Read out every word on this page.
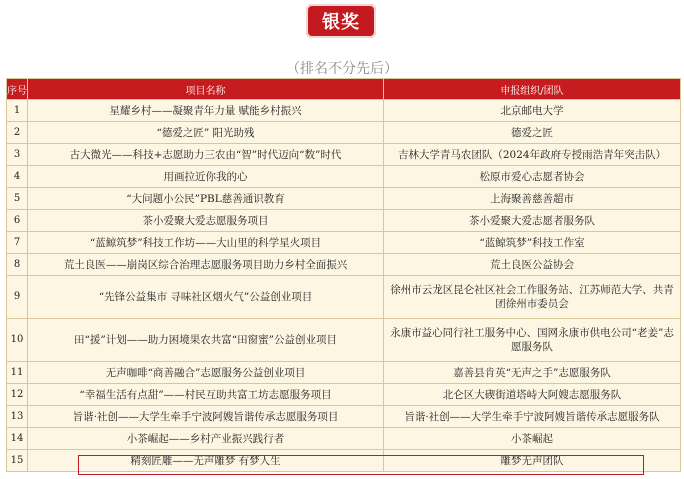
银奖
（排名不分先后）
序号	项目名称	申报组织/团队
1	星耀乡村——凝聚青年力量 赋能乡村振兴	北京邮电大学
2	“德爱之匠” 阳光助残	德爱之匠
3	古大微光——科技+志愿助力三农由“智”时代迈向“数”时代	吉林大学青马农团队（2024年政府专授雨浩青年突击队）
4	用画拉近你我的心	松原市爱心志愿者协会
5	“大问题小公民”PBL慈善通识教育	上海聚善慈善超市
6	茶小爱聚大爱志愿服务项目	茶小爱聚大爱志愿者服务队
7	“蓝鲸筑梦”科技工作坊——大山里的科学星火项目	“蓝鲸筑梦”科技工作室
8	荒土良医——崩岗区综合治理志愿服务项目助力乡村全面振兴	荒土良医公益协会
9	“先锋公益集市 寻味社区烟火气”公益创业项目	徐州市云龙区昆仑社区社会工作服务站、江苏师范大学、共青团徐州市委员会
10	田“援”计划——助力困境果农共富“田窗蜜”公益创业项目	永康市益心同行社工服务中心、国网永康市供电公司“老姜”志愿服务队
11	无声咖啡“商善融合”志愿服务公益创业项目	嘉善县肯英“无声之手”志愿服务队
12	“幸福生活有点甜”——村民互助共富工坊志愿服务项目	北仑区大碶街道塔峙大阿嫂志愿服务队
13	旨谐·社创——大学生牵手宁波阿嫂旨谐传承志愿服务项目	旨谐·社创——大学生牵手宁波阿嫂旨谐传承志愿服务队
14	小茶崛起——乡村产业振兴践行者	小茶崛起
15	精刻匠雕——无声雕梦 有梦人生	雕梦无声团队
